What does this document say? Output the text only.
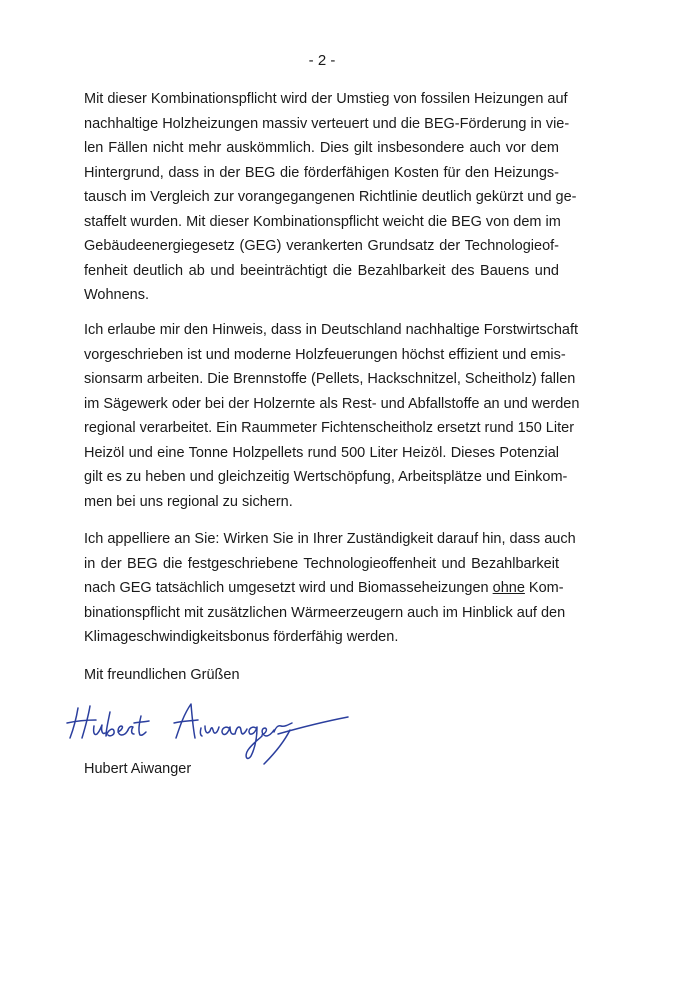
- 2 -
Mit dieser Kombinationspflicht wird der Umstieg von fossilen Heizungen auf
nachhaltige Holzheizungen massiv verteuert und die BEG-Förderung in vie-
len Fällen nicht mehr auskömmlich. Dies gilt insbesondere auch vor dem
Hintergrund, dass in der BEG die förderfähigen Kosten für den Heizungs-
tausch im Vergleich zur vorangegangenen Richtlinie deutlich gekürzt und ge-
staffelt wurden. Mit dieser Kombinationspflicht weicht die BEG von dem im
Gebäudeenergiegesetz (GEG) verankerten Grundsatz der Technologieof-
fenheit deutlich ab und beeinträchtigt die Bezahlbarkeit des Bauens und
Wohnens.
Ich erlaube mir den Hinweis, dass in Deutschland nachhaltige Forstwirtschaft
vorgeschrieben ist und moderne Holzfeuerungen höchst effizient und emis-
sionsarm arbeiten. Die Brennstoffe (Pellets, Hackschnitzel, Scheitholz) fallen
im Sägewerk oder bei der Holzernte als Rest- und Abfallstoffe an und werden
regional verarbeitet. Ein Raummeter Fichtenscheitholz ersetzt rund 150 Liter
Heizöl und eine Tonne Holzpellets rund 500 Liter Heizöl. Dieses Potenzial
gilt es zu heben und gleichzeitig Wertschöpfung, Arbeitsplätze und Einkom-
men bei uns regional zu sichern.
Ich appelliere an Sie: Wirken Sie in Ihrer Zuständigkeit darauf hin, dass auch
in der BEG die festgeschriebene Technologieoffenheit und Bezahlbarkeit
nach GEG tatsächlich umgesetzt wird und Biomasseheizungen ohne Kom-
binationspflicht mit zusätzlichen Wärmeerzeugern auch im Hinblick auf den
Klimageschwindigkeitsbonus förderfähig werden.
Mit freundlichen Grüßen
Hubert Aiwanger
